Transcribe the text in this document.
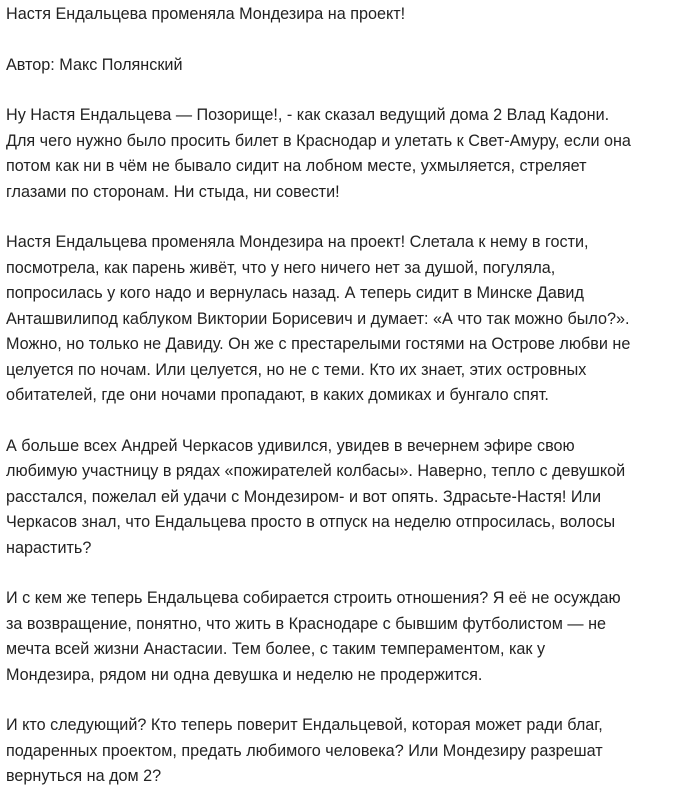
Настя Ендальцева променяла Мондезира на проект!

Автор: Макс Полянский

Ну Настя Ендальцева — Позорище!, - как сказал ведущий дома 2 Влад Кадони.
Для чего нужно было просить билет в Краснодар и улетать к Свет-Амуру, если она
потом как ни в чём не бывало сидит на лобном месте, ухмыляется, стреляет
глазами по сторонам. Ни стыда, ни совести!

Настя Ендальцева променяла Мондезира на проект! Слетала к нему в гости,
посмотрела, как парень живёт, что у него ничего нет за душой, погуляла,
попросилась у кого надо и вернулась назад. А теперь сидит в Минске Давид
Анташвилипод каблуком Виктории Борисевич и думает: «А что так можно было?».
Можно, но только не Давиду. Он же с престарелыми гостями на Острове любви не
целуется по ночам. Или целуется, но не с теми. Кто их знает, этих островных
обитателей, где они ночами пропадают, в каких домиках и бунгало спят.

А больше всех Андрей Черкасов удивился, увидев в вечернем эфире свою
любимую участницу в рядах «пожирателей колбасы». Наверно, тепло с девушкой
расстался, пожелал ей удачи с Мондезиром- и вот опять. Здрасьте-Настя! Или
Черкасов знал, что Ендальцева просто в отпуск на неделю отпросилась, волосы
нарастить?

И с кем же теперь Ендальцева собирается строить отношения? Я её не осуждаю
за возвращение, понятно, что жить в Краснодаре с бывшим футболистом — не
мечта всей жизни Анастасии. Тем более, с таким темпераментом, как у
Мондезира, рядом ни одна девушка и неделю не продержится.

И кто следующий? Кто теперь поверит Ендальцевой, которая может ради благ,
подаренных проектом, предать любимого человека? Или Мондезиру разрешат
вернуться на дом 2?
